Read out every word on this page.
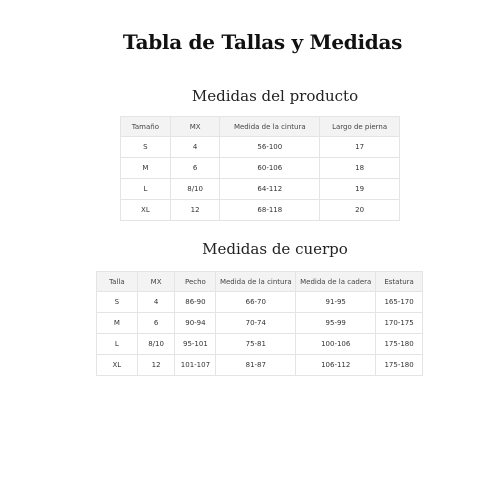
Tabla de Tallas y Medidas
Medidas del producto
Tamaño	MX	Medida de la cintura	Largo de pierna
S	4	56-100	17
M	6	60-106	18
L	8/10	64-112	19
XL	12	68-118	20
Medidas de cuerpo
Talla	MX	Pecho	Medida de la cintura	Medida de la cadera	Estatura
S	4	86-90	66-70	91-95	165-170
M	6	90-94	70-74	95-99	170-175
L	8/10	95-101	75-81	100-106	175-180
XL	12	101-107	81-87	106-112	175-180
